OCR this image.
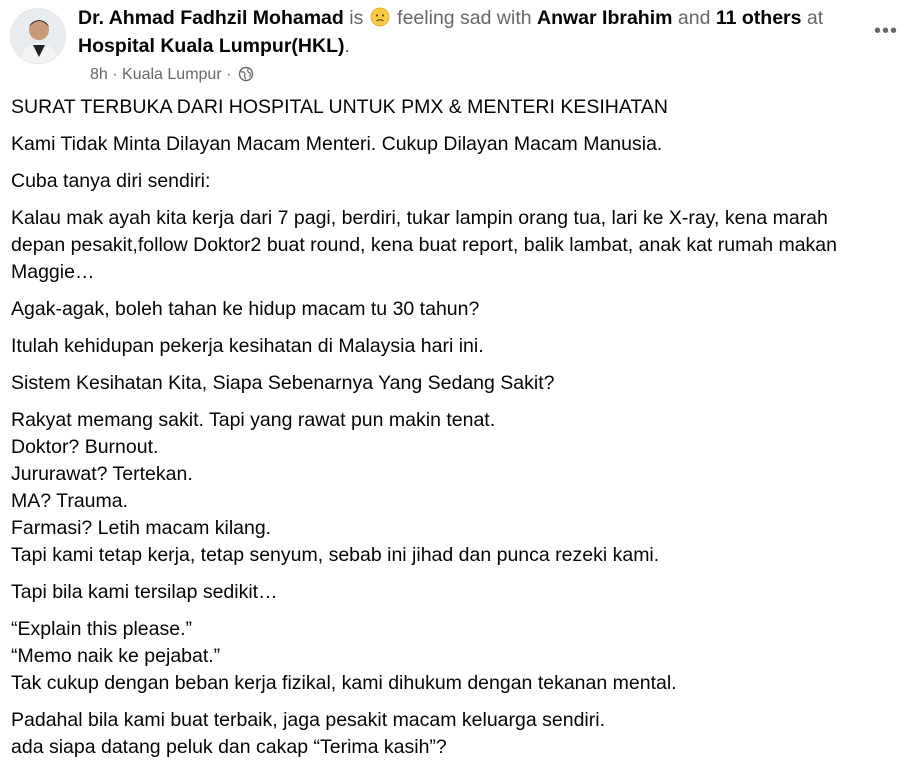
Dr. Ahmad Fadhzil Mohamad is feeling sad with Anwar Ibrahim and 11 others at
Hospital Kuala Lumpur(HKL).
8h · Kuala Lumpur ·
•••
SURAT TERBUKA DARI HOSPITAL UNTUK PMX & MENTERI KESIHATAN
Kami Tidak Minta Dilayan Macam Menteri. Cukup Dilayan Macam Manusia.
Cuba tanya diri sendiri:
Kalau mak ayah kita kerja dari 7 pagi, berdiri, tukar lampin orang tua, lari ke X-ray, kena marah
depan pesakit,follow Doktor2 buat round, kena buat report, balik lambat, anak kat rumah makan
Maggie…
Agak-agak, boleh tahan ke hidup macam tu 30 tahun?
Itulah kehidupan pekerja kesihatan di Malaysia hari ini.
Sistem Kesihatan Kita, Siapa Sebenarnya Yang Sedang Sakit?
Rakyat memang sakit. Tapi yang rawat pun makin tenat.
Doktor? Burnout.
Jururawat? Tertekan.
MA? Trauma.
Farmasi? Letih macam kilang.
Tapi kami tetap kerja, tetap senyum, sebab ini jihad dan punca rezeki kami.
Tapi bila kami tersilap sedikit…
“Explain this please.”
“Memo naik ke pejabat.”
Tak cukup dengan beban kerja fizikal, kami dihukum dengan tekanan mental.
Padahal bila kami buat terbaik, jaga pesakit macam keluarga sendiri.
ada siapa datang peluk dan cakap “Terima kasih”?
